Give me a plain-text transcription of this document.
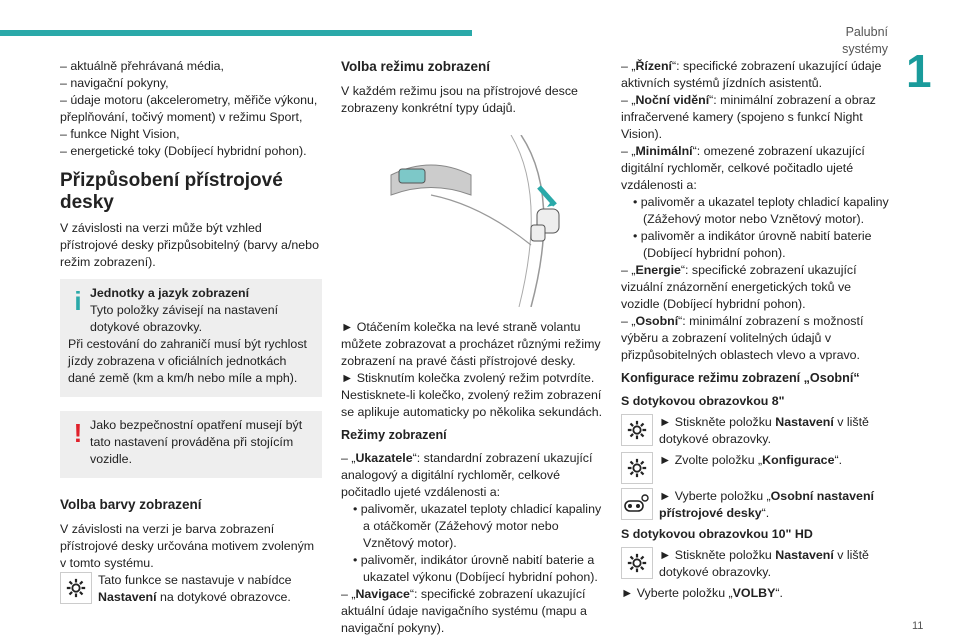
Palubní systémy 1
11

– aktuálně přehrávaná média,

– navigační pokyny,

– údaje motoru (akcelerometry, měřiče výkonu, přeplňování, točivý moment) v režimu Sport,

– funkce Night Vision,

– energetické toky (Dobíjecí hybridní pohon).

Přizpůsobení přístrojové desky

V závislosti na verzi může být vzhled přístrojové desky přizpůsobitelný (barvy a/nebo režim zobrazení).

i Jednotky a jazyk zobrazení

Tyto položky závisejí na nastavení dotykové obrazovky.

Při cestování do zahraničí musí být rychlost jízdy zobrazena v oficiálních jednotkách dané země (km a km/h nebo míle a mph).

! Jako bezpečnostní opatření musejí být tato nastavení prováděna při stojícím vozidle.

Volba barvy zobrazení

V závislosti na verzi je barva zobrazení přístrojové desky určována motivem zvoleným v tomto systému.

Tato funkce se nastavuje v nabídce Nastavení na dotykové obrazovce.

Volba režimu zobrazení

V každém režimu jsou na přístrojové desce zobrazeny konkrétní typy údajů.

► Otáčením kolečka na levé straně volantu můžete zobrazovat a procházet různými režimy zobrazení na pravé části přístrojové desky.

► Stisknutím kolečka zvolený režim potvrdíte.

Nestisknete-li kolečko, zvolený režim zobrazení se aplikuje automaticky po několika sekundách.

Režimy zobrazení

– „Ukazatele“: standardní zobrazení ukazující analogový a digitální rychloměr, celkové počitadlo ujeté vzdálenosti a:

• palivoměr, ukazatel teploty chladicí kapaliny a otáčkoměr (Zážehový motor nebo Vznětový motor).

• palivoměr, indikátor úrovně nabití baterie a ukazatel výkonu (Dobíjecí hybridní pohon).

– „Navigace“: specifické zobrazení ukazující aktuální údaje navigačního systému (mapu a navigační pokyny).

– „Řízení“: specifické zobrazení ukazující údaje aktivních systémů jízdních asistentů.

– „Noční vidění“: minimální zobrazení a obraz infračervené kamery (spojeno s funkcí Night Vision).

– „Minimální“: omezené zobrazení ukazující digitální rychloměr, celkové počitadlo ujeté vzdálenosti a:

• palivoměr a ukazatel teploty chladicí kapaliny (Zážehový motor nebo Vznětový motor).

• palivoměr a indikátor úrovně nabití baterie (Dobíjecí hybridní pohon).

– „Energie“: specifické zobrazení ukazující vizuální znázornění energetických toků ve vozidle (Dobíjecí hybridní pohon).

– „Osobní“: minimální zobrazení s možností výběru a zobrazení volitelných údajů v přizpůsobitelných oblastech vlevo a vpravo.

Konfigurace režimu zobrazení „Osobní“

S dotykovou obrazovkou 8"

► Stiskněte položku Nastavení v liště dotykové obrazovky.

► Zvolte položku „Konfigurace“.

► Vyberte položku „Osobní nastavení přístrojové desky“.

S dotykovou obrazovkou 10" HD

► Stiskněte položku Nastavení v liště dotykové obrazovky.

► Vyberte položku „VOLBY“.
